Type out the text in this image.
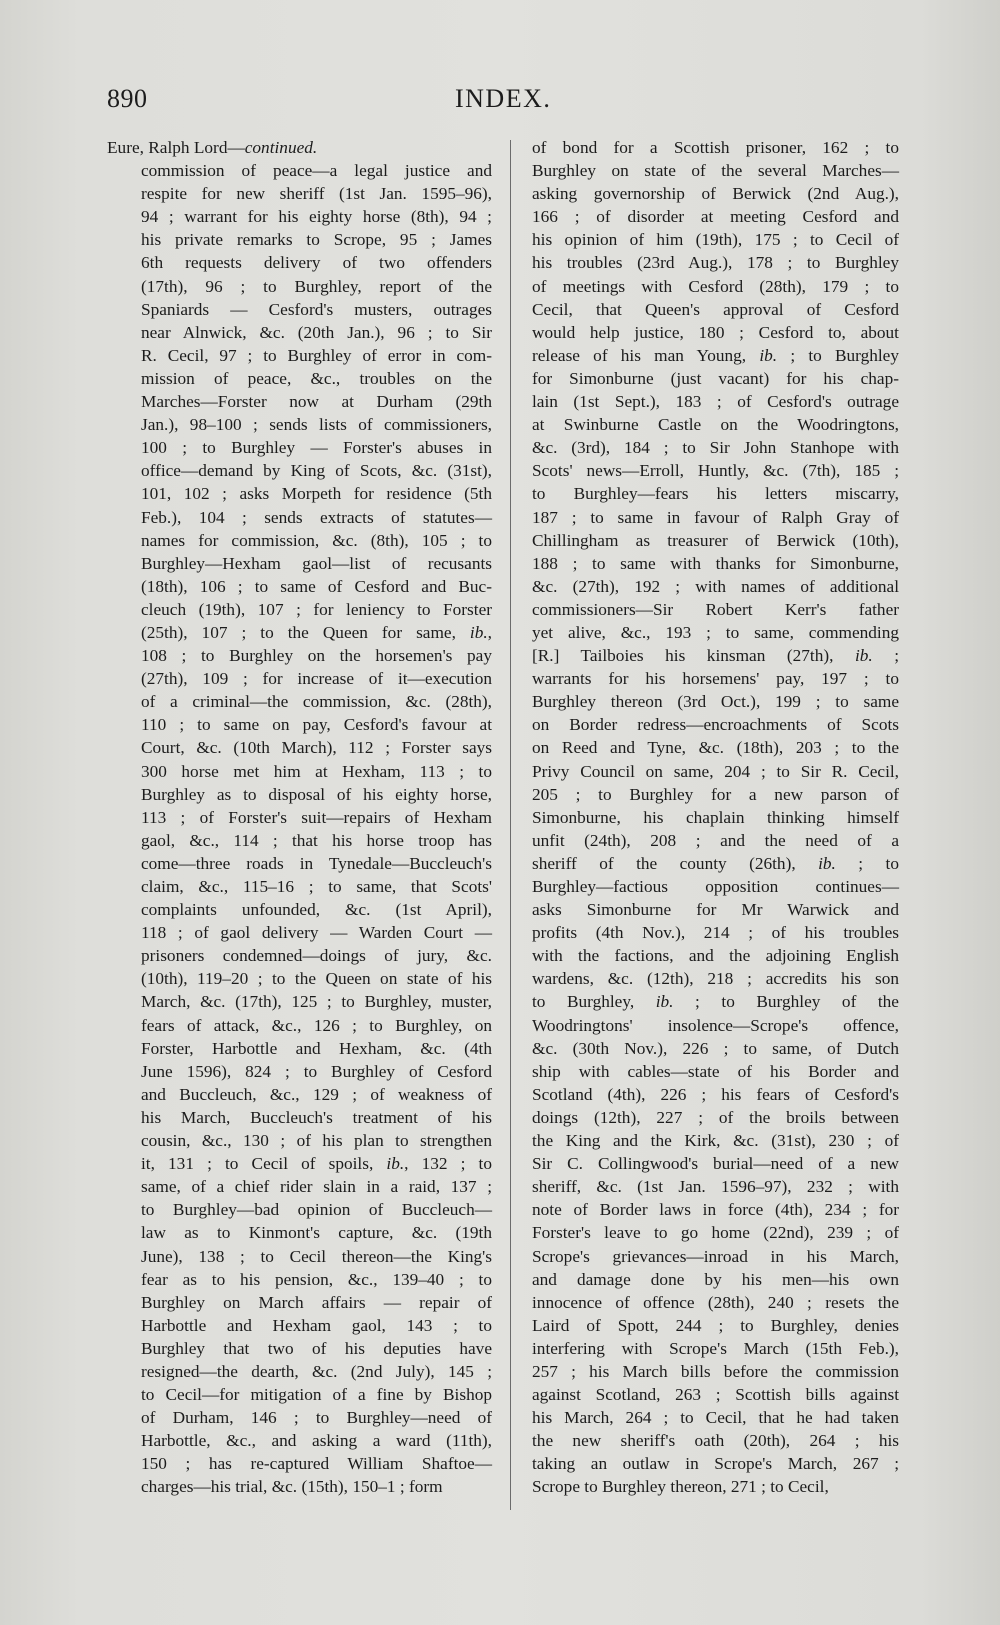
890	INDEX.
Eure, Ralph Lord—continued.
commission of peace—a legal justice and
respite for new sheriff (1st Jan. 1595–96),
94 ; warrant for his eighty horse (8th), 94 ;
his private remarks to Scrope, 95 ; James
6th requests delivery of two offenders
(17th), 96 ; to Burghley, report of the
Spaniards — Cesford's musters, outrages
near Alnwick, &c. (20th Jan.), 96 ; to Sir
R. Cecil, 97 ; to Burghley of error in com-
mission of peace, &c., troubles on the
Marches—Forster now at Durham (29th
Jan.), 98–100 ; sends lists of commissioners,
100 ; to Burghley — Forster's abuses in
office—demand by King of Scots, &c. (31st),
101, 102 ; asks Morpeth for residence (5th
Feb.), 104 ; sends extracts of statutes—
names for commission, &c. (8th), 105 ; to
Burghley—Hexham gaol—list of recusants
(18th), 106 ; to same of Cesford and Buc-
cleuch (19th), 107 ; for leniency to Forster
(25th), 107 ; to the Queen for same, ib.,
108 ; to Burghley on the horsemen's pay
(27th), 109 ; for increase of it—execution
of a criminal—the commission, &c. (28th),
110 ; to same on pay, Cesford's favour at
Court, &c. (10th March), 112 ; Forster says
300 horse met him at Hexham, 113 ; to
Burghley as to disposal of his eighty horse,
113 ; of Forster's suit—repairs of Hexham
gaol, &c., 114 ; that his horse troop has
come—three roads in Tynedale—Buccleuch's
claim, &c., 115–16 ; to same, that Scots'
complaints unfounded, &c. (1st April),
118 ; of gaol delivery — Warden Court —
prisoners condemned—doings of jury, &c.
(10th), 119–20 ; to the Queen on state of his
March, &c. (17th), 125 ; to Burghley, muster,
fears of attack, &c., 126 ; to Burghley, on
Forster, Harbottle and Hexham, &c. (4th
June 1596), 824 ; to Burghley of Cesford
and Buccleuch, &c., 129 ; of weakness of
his March, Buccleuch's treatment of his
cousin, &c., 130 ; of his plan to strengthen
it, 131 ; to Cecil of spoils, ib., 132 ; to
same, of a chief rider slain in a raid, 137 ;
to Burghley—bad opinion of Buccleuch—
law as to Kinmont's capture, &c. (19th
June), 138 ; to Cecil thereon—the King's
fear as to his pension, &c., 139–40 ; to
Burghley on March affairs — repair of
Harbottle and Hexham gaol, 143 ; to
Burghley that two of his deputies have
resigned—the dearth, &c. (2nd July), 145 ;
to Cecil—for mitigation of a fine by Bishop
of Durham, 146 ; to Burghley—need of
Harbottle, &c., and asking a ward (11th),
150 ; has re-captured William Shaftoe—
charges—his trial, &c. (15th), 150–1 ; form
of bond for a Scottish prisoner, 162 ; to
Burghley on state of the several Marches—
asking governorship of Berwick (2nd Aug.),
166 ; of disorder at meeting Cesford and
his opinion of him (19th), 175 ; to Cecil of
his troubles (23rd Aug.), 178 ; to Burghley
of meetings with Cesford (28th), 179 ; to
Cecil, that Queen's approval of Cesford
would help justice, 180 ; Cesford to, about
release of his man Young, ib. ; to Burghley
for Simonburne (just vacant) for his chap-
lain (1st Sept.), 183 ; of Cesford's outrage
at Swinburne Castle on the Woodringtons,
&c. (3rd), 184 ; to Sir John Stanhope with
Scots' news—Erroll, Huntly, &c. (7th), 185 ;
to Burghley—fears his letters miscarry,
187 ; to same in favour of Ralph Gray of
Chillingham as treasurer of Berwick (10th),
188 ; to same with thanks for Simonburne,
&c. (27th), 192 ; with names of additional
commissioners—Sir Robert Kerr's father
yet alive, &c., 193 ; to same, commending
[R.] Tailboies his kinsman (27th), ib. ;
warrants for his horsemens' pay, 197 ; to
Burghley thereon (3rd Oct.), 199 ; to same
on Border redress—encroachments of Scots
on Reed and Tyne, &c. (18th), 203 ; to the
Privy Council on same, 204 ; to Sir R. Cecil,
205 ; to Burghley for a new parson of
Simonburne, his chaplain thinking himself
unfit (24th), 208 ; and the need of a
sheriff of the county (26th), ib. ; to
Burghley—factious opposition continues—
asks Simonburne for Mr Warwick and
profits (4th Nov.), 214 ; of his troubles
with the factions, and the adjoining English
wardens, &c. (12th), 218 ; accredits his son
to Burghley, ib. ; to Burghley of the
Woodringtons' insolence—Scrope's offence,
&c. (30th Nov.), 226 ; to same, of Dutch
ship with cables—state of his Border and
Scotland (4th), 226 ; his fears of Cesford's
doings (12th), 227 ; of the broils between
the King and the Kirk, &c. (31st), 230 ; of
Sir C. Collingwood's burial—need of a new
sheriff, &c. (1st Jan. 1596–97), 232 ; with
note of Border laws in force (4th), 234 ; for
Forster's leave to go home (22nd), 239 ; of
Scrope's grievances—inroad in his March,
and damage done by his men—his own
innocence of offence (28th), 240 ; resets the
Laird of Spott, 244 ; to Burghley, denies
interfering with Scrope's March (15th Feb.),
257 ; his March bills before the commission
against Scotland, 263 ; Scottish bills against
his March, 264 ; to Cecil, that he had taken
the new sheriff's oath (20th), 264 ; his
taking an outlaw in Scrope's March, 267 ;
Scrope to Burghley thereon, 271 ; to Cecil,
